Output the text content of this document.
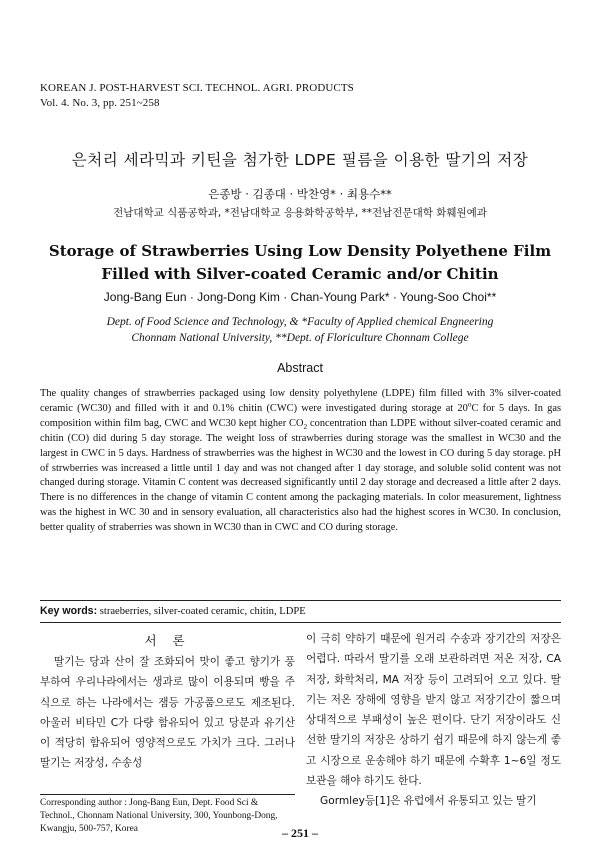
KOREAN J. POST-HARVEST SCI. TECHNOL. AGRI. PRODUCTS
Vol. 4. No. 3, pp. 251~258
은처리 세라믹과 키틴을 첨가한 LDPE 필름을 이용한 딸기의 저장
은종방 · 김종대 · 박찬영* · 최용수**
전남대학교 식품공학과, *전남대학교 응용화학공학부, **전남전문대학 화훼원예과
Storage of Strawberries Using Low Density Polyethene Film
Filled with Silver-coated Ceramic and/or Chitin
Jong-Bang Eun · Jong-Dong Kim · Chan-Young Park* · Young-Soo Choi**
Dept. of Food Science and Technology, & *Faculty of Applied chemical Engneering
Chonnam National University, **Dept. of Floriculture Chonnam College
Abstract

The quality changes of strawberries packaged using low density polyethylene (LDPE) film filled with 3% silver-coated ceramic (WC30) and filled with it and 0.1% chitin (CWC) were investigated during storage at 20$^o$C for 5 days. In gas composition within film bag, CWC and WC30 kept higher $CO_2$ concentration than LDPE without silver-coated ceramic and chitin (CO) did during 5 day storage. The weight loss of strawberries during storage was the smallest in WC30 and the largest in CWC in 5 days. Hardness of strawberries was the highest in WC30 and the lowest in CO during 5 day storage. pH of strwberries was increased a little until 1 day and was not changed after 1 day storage, and soluble solid content was not changed during storage. Vitamin C content was decreased significantly until 2 day storage and decreased a little after 2 days. There is no differences in the change of vitamin C content among the packaging materials. In color measurement, lightness was the highest in WC 30 and in sensory evaluation, all characteristics also had the highest scores in WC30. In conclusion, better quality of straberries was shown in WC30 than in CWC and CO during storage.

Key words: straeberries, silver-coated ceramic, chitin, LDPE
서 론

딸기는 당과 산이 잘 조화되어 맛이 좋고 향기가 풍부하여 우리나라에서는 생과로 많이 이용되며 빵을 주식으로 하는 나라에서는 잼등 가공품으로도 제조된다. 아울러 비타민 C가 다량 함유되어 있고 당분과 유기산이 적당히 함유되어 영양적으로도 가치가 크다. 그러나 딸기는 저장성, 수송성

이 극히 약하기 때문에 원거리 수송과 장기간의 저장은 어렵다. 따라서 딸기를 오래 보관하려면 저온 저장, CA 저장, 화학처리, MA 저장 등이 고려되어 오고 있다. 딸기는 저온 장해에 영향을 받지 않고 저장기간이 짧으며 상대적으로 부패성이 높은 편이다. 단기 저장이라도 신선한 딸기의 저장은 상하기 쉽기 때문에 하지 않는게 좋고 시장으로 운송해야 하기 때문에 수확후 1~6일 정도 보관을 해야 하기도 한다.

Gormley등[1]은 유럽에서 유통되고 있는 딸기

Corresponding author : Jong-Bang Eun, Dept. Food Sci & Technol., Chonnam National University, 300, Younbong-Dong, Kwangju, 500-757, Korea	– 251 –
